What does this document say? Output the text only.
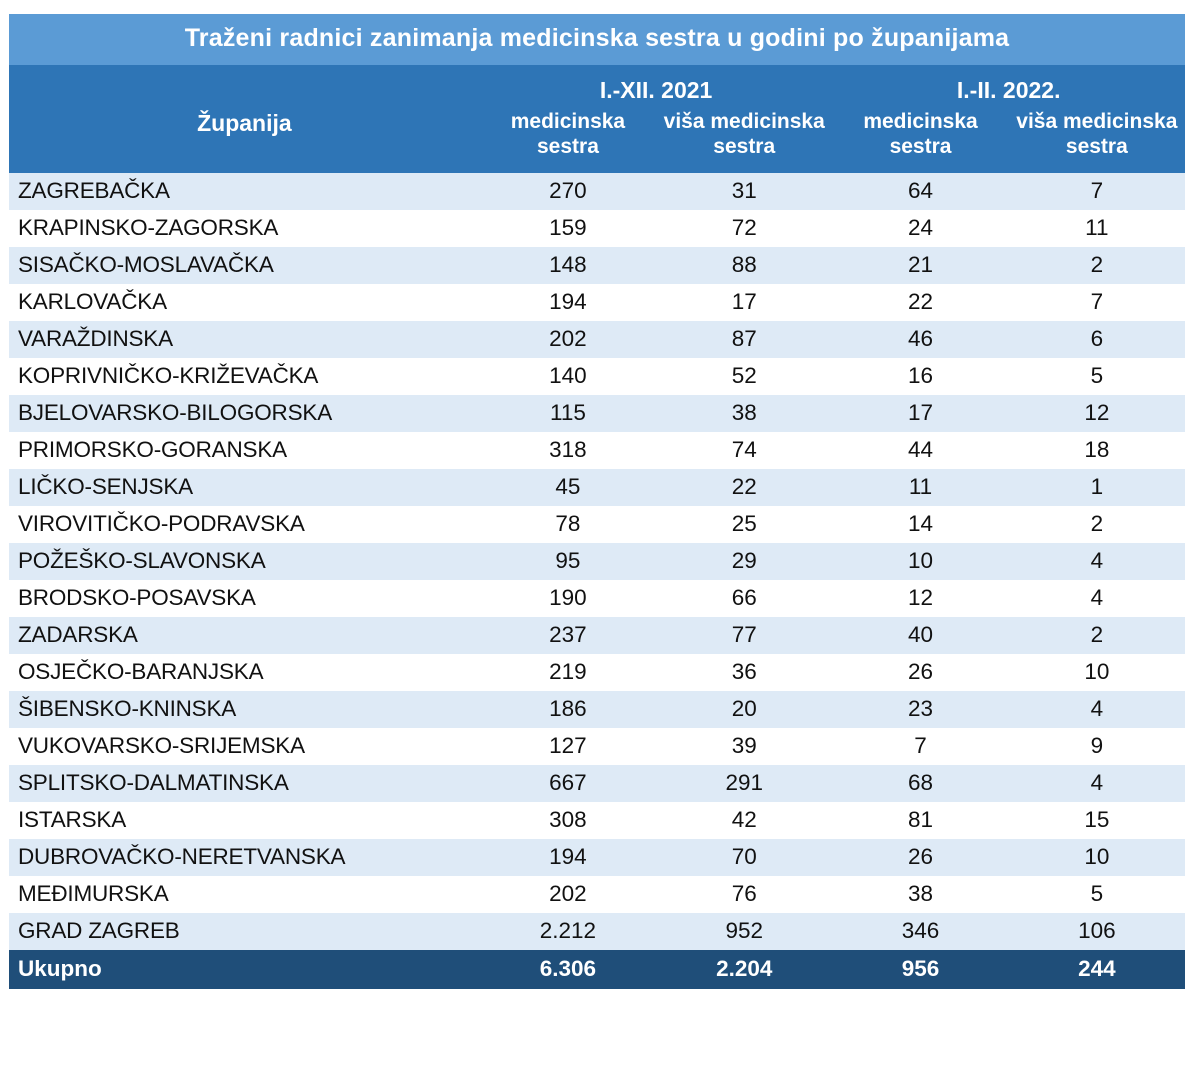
Traženi radnici zanimanja medicinska sestra u godini po županijama				
Županija	I.-XII. 2021		I.-II. 2022.	
	medicinska sestra	viša medicinska sestra	medicinska sestra	viša medicinska sestra
ZAGREBAČKA	270	31	64	7
KRAPINSKO-ZAGORSKA	159	72	24	11
SISAČKO-MOSLAVAČKA	148	88	21	2
KARLOVAČKA	194	17	22	7
VARAŽDINSKA	202	87	46	6
KOPRIVNIČKO-KRIŽEVAČKA	140	52	16	5
BJELOVARSKO-BILOGORSKA	115	38	17	12
PRIMORSKO-GORANSKA	318	74	44	18
LIČKO-SENJSKA	45	22	11	1
VIROVITIČKO-PODRAVSKA	78	25	14	2
POŽEŠKO-SLAVONSKA	95	29	10	4
BRODSKO-POSAVSKA	190	66	12	4
ZADARSKA	237	77	40	2
OSJEČKO-BARANJSKA	219	36	26	10
ŠIBENSKO-KNINSKA	186	20	23	4
VUKOVARSKO-SRIJEMSKA	127	39	7	9
SPLITSKO-DALMATINSKA	667	291	68	4
ISTARSKA	308	42	81	15
DUBROVAČKO-NERETVANSKA	194	70	26	10
MEĐIMURSKA	202	76	38	5
GRAD ZAGREB	2.212	952	346	106
Ukupno	6.306	2.204	956	244
